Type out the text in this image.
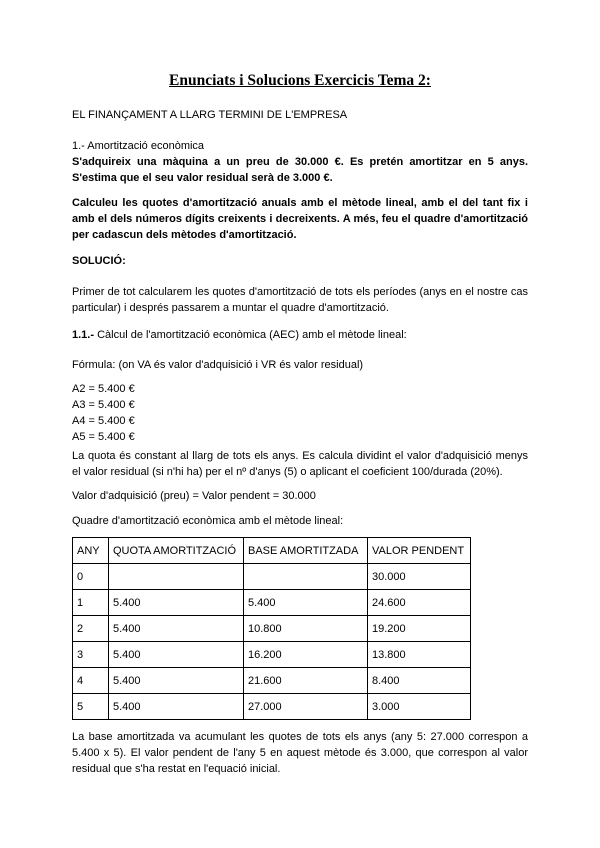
Enunciats i Solucions Exercicis Tema 2:

EL FINANÇAMENT A LLARG TERMINI DE L'EMPRESA

1.- Amortització econòmica

S'adquireix una màquina a un preu de 30.000 €. Es pretén amortitzar en 5 anys. S'estima que el seu valor residual serà de 3.000 €.

Calculeu les quotes d'amortització anuals amb el mètode lineal, amb el del tant fix i amb el dels números dígits creixents i decreixents. A més, feu el quadre d'amortització per cadascun dels mètodes d'amortització.

SOLUCIÓ:

Primer de tot calcularem les quotes d'amortització de tots els períodes (anys en el nostre cas particular) i després passarem a muntar el quadre d'amortització.

1.1.- Càlcul de l'amortització econòmica (AEC) amb el mètode lineal:

Fórmula: (on VA és valor d'adquisició i VR és valor residual)

A2 = 5.400 €
A3 = 5.400 €
A4 = 5.400 €
A5 = 5.400 €

La quota és constant al llarg de tots els anys. Es calcula dividint el valor d'adquisició menys el valor residual (si n'hi ha) per el nº d'anys (5) o aplicant el coeficient 100/durada (20%).

Valor d'adquisició (preu) = Valor pendent = 30.000

Quadre d'amortització econòmica amb el mètode lineal:

ANY	QUOTA AMORTITZACIÓ	BASE AMORTITZADA	VALOR PENDENT
0			30.000
1	5.400	5.400	24.600
2	5.400	10.800	19.200
3	5.400	16.200	13.800
4	5.400	21.600	8.400
5	5.400	27.000	3.000

La base amortitzada va acumulant les quotes de tots els anys (any 5: 27.000 correspon a 5.400 x 5). El valor pendent de l'any 5 en aquest mètode és 3.000, que correspon al valor residual que s'ha restat en l'equació inicial.
